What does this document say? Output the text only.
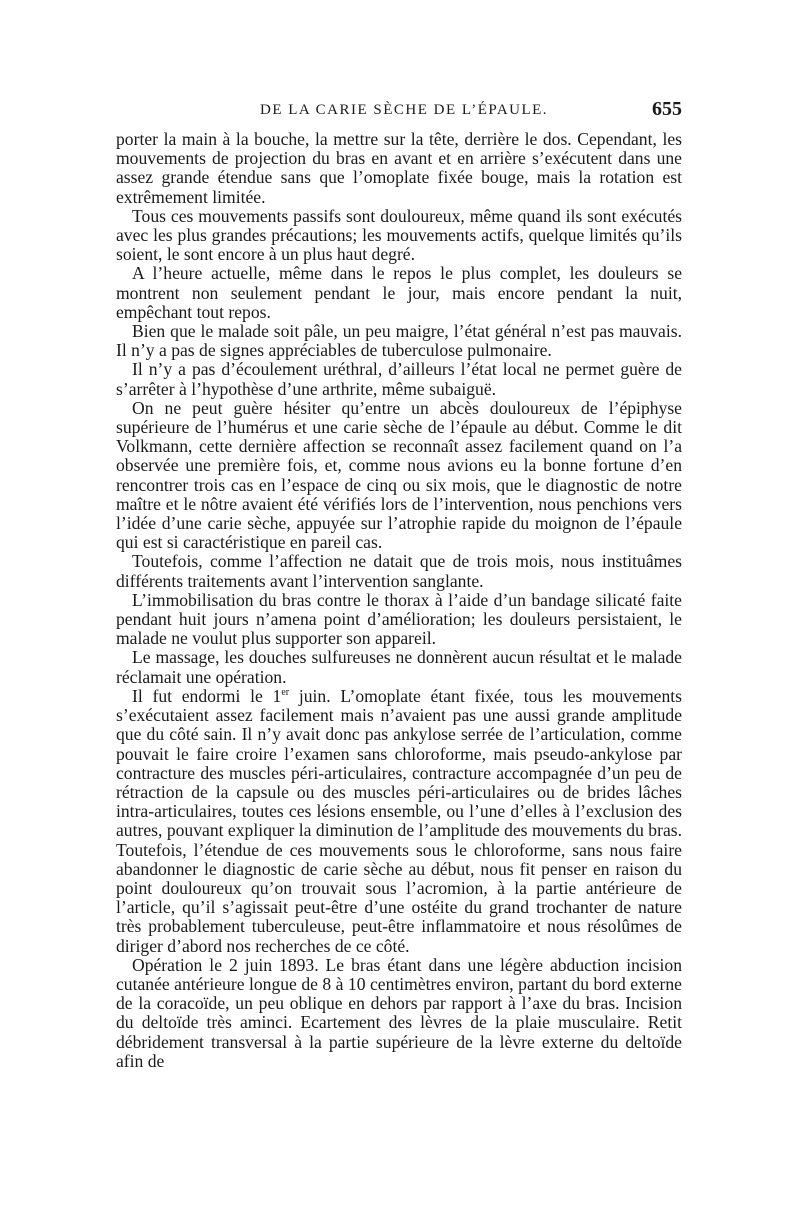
DE LA CARIE SÈCHE DE L’ÉPAULE.	655

porter la main à la bouche, la mettre sur la tête, derrière le dos. Cependant, les mouvements de projection du bras en avant et en arrière s’exécutent dans une assez grande étendue sans que l’omoplate fixée bouge, mais la rotation est extrêmement limitée.

Tous ces mouvements passifs sont douloureux, même quand ils sont exécutés avec les plus grandes précautions; les mouvements actifs, quelque limités qu’ils soient, le sont encore à un plus haut degré.

A l’heure actuelle, même dans le repos le plus complet, les douleurs se montrent non seulement pendant le jour, mais encore pendant la nuit, empêchant tout repos.

Bien que le malade soit pâle, un peu maigre, l’état général n’est pas mauvais. Il n’y a pas de signes appréciables de tuberculose pulmonaire.

Il n’y a pas d’écoulement uréthral, d’ailleurs l’état local ne permet guère de s’arrêter à l’hypothèse d’une arthrite, même subaiguë.

On ne peut guère hésiter qu’entre un abcès douloureux de l’épiphyse supérieure de l’humérus et une carie sèche de l’épaule au début. Comme le dit Volkmann, cette dernière affection se reconnaît assez facilement quand on l’a observée une première fois, et, comme nous avions eu la bonne fortune d’en rencontrer trois cas en l’espace de cinq ou six mois, que le diagnostic de notre maître et le nôtre avaient été vérifiés lors de l’intervention, nous penchions vers l’idée d’une carie sèche, appuyée sur l’atrophie rapide du moignon de l’épaule qui est si caractéristique en pareil cas.

Toutefois, comme l’affection ne datait que de trois mois, nous instituâmes différents traitements avant l’intervention sanglante.

L’immobilisation du bras contre le thorax à l’aide d’un bandage silicaté faite pendant huit jours n’amena point d’amélioration; les douleurs persistaient, le malade ne voulut plus supporter son appareil.

Le massage, les douches sulfureuses ne donnèrent aucun résultat et le malade réclamait une opération.

Il fut endormi le 1er juin. L’omoplate étant fixée, tous les mouvements s’exécutaient assez facilement mais n’avaient pas une aussi grande amplitude que du côté sain. Il n’y avait donc pas ankylose serrée de l’articulation, comme pouvait le faire croire l’examen sans chloroforme, mais pseudo-ankylose par contracture des muscles péri-articulaires, contracture accompagnée d’un peu de rétraction de la capsule ou des muscles péri-articulaires ou de brides lâches intra-articulaires, toutes ces lésions ensemble, ou l’une d’elles à l’exclusion des autres, pouvant expliquer la diminution de l’amplitude des mouvements du bras. Toutefois, l’étendue de ces mouvements sous le chloroforme, sans nous faire abandonner le diagnostic de carie sèche au début, nous fit penser en raison du point douloureux qu’on trouvait sous l’acromion, à la partie antérieure de l’article, qu’il s’agissait peut-être d’une ostéite du grand trochanter de nature très probablement tuberculeuse, peut-être inflammatoire et nous résolûmes de diriger d’abord nos recherches de ce côté.

Opération le 2 juin 1893. Le bras étant dans une légère abduction incision cutanée antérieure longue de 8 à 10 centimètres environ, partant du bord externe de la coracoïde, un peu oblique en dehors par rapport à l’axe du bras. Incision du deltoïde très aminci. Ecartement des lèvres de la plaie musculaire. Retit débridement transversal à la partie supérieure de la lèvre externe du deltoïde afin de
